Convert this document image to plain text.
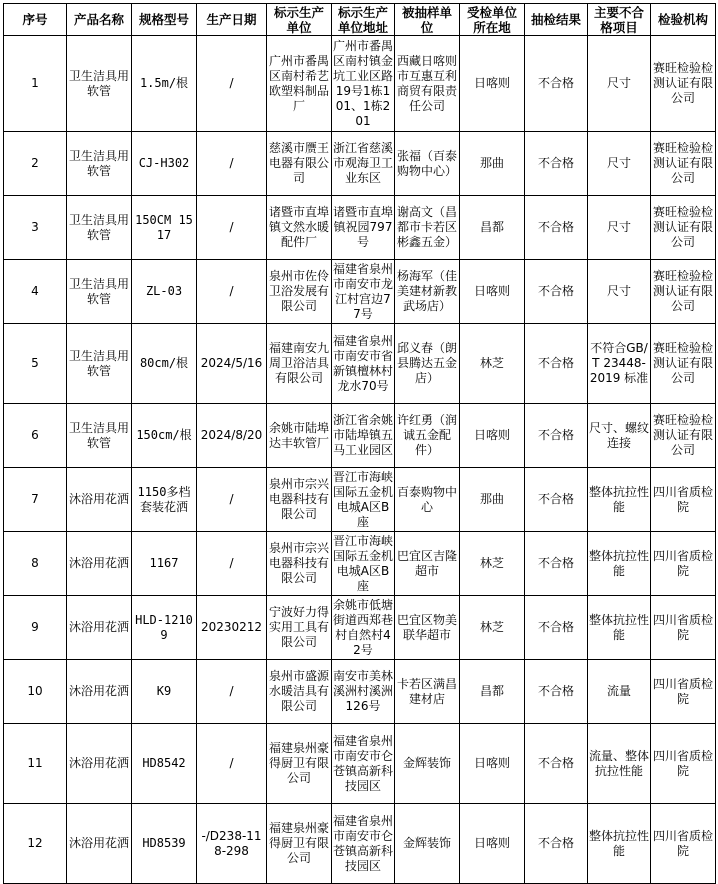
序号	产品名称	规格型号	生产日期	标示生产单位	标示生产单位地址	被抽样单位	受检单位所在地	抽检结果	主要不合格项目	检验机构
1	卫生洁具用软管	1.5m/根	/	广州市番禺区南村希艺欧塑料制品厂	广州市番禺区南村镇金坑工业区路19号1栋101、1栋201	西藏日喀则市互惠互利商贸有限责任公司	日喀则	不合格	尺寸	赛旺检验检测认证有限公司
2	卫生洁具用软管	CJ-H302	/	慈溪市赝王电器有限公司	浙江省慈溪市观海卫工业东区	张福（百泰购物中心）	那曲	不合格	尺寸	赛旺检验检测认证有限公司
3	卫生洁具用软管	150CM 1517	/	诸暨市直埠镇文然水暖配件厂	诸暨市直埠镇祝园797号	谢高文（昌都市卡若区彬鑫五金）	昌都	不合格	尺寸	赛旺检验检测认证有限公司
4	卫生洁具用软管	ZL-03	/	泉州市佐伶卫浴发展有限公司	福建省泉州市南安市龙江村宫边77号	杨海军（佳美建材新教武场店）	日喀则	不合格	尺寸	赛旺检验检测认证有限公司
5	卫生洁具用软管	80cm/根	2024/5/16	福建南安九周卫浴洁具有限公司	福建省泉州市南安市省新镇檀林村龙水70号	邱义春（朗县腾达五金店）	林芝	不合格	不符合GB/T 23448-2019 标准	赛旺检验检测认证有限公司
6	卫生洁具用软管	150cm/根	2024/8/20	余姚市陆埠达丰软管厂	浙江省余姚市陆埠镇五马工业园区	许红勇（润诚五金配件）	日喀则	不合格	尺寸、螺纹连接	赛旺检验检测认证有限公司
7	沐浴用花洒	1150多档套装花洒	/	泉州市宗兴电器科技有限公司	晋江市海峡国际五金机电城A区B座	百泰购物中心	那曲	不合格	整体抗拉性能	四川省质检院
8	沐浴用花洒	1167	/	泉州市宗兴电器科技有限公司	晋江市海峡国际五金机电城A区B座	巴宜区吉隆超市	林芝	不合格	整体抗拉性能	四川省质检院
9	沐浴用花洒	HLD-12109	20230212	宁波好力得实用工具有限公司	余姚市低塘街道西郑巷村自然村42号	巴宜区物美联华超市	林芝	不合格	整体抗拉性能	四川省质检院
10	沐浴用花洒	K9	/	泉州市盛源水暖洁具有限公司	南安市美林溪洲村溪洲126号	卡若区满昌建材店	昌都	不合格	流量	四川省质检院
11	沐浴用花洒	HD8542	/	福建泉州豪得厨卫有限公司	福建省泉州市南安市仑苍镇高新科技园区	金辉装饰	日喀则	不合格	流量、整体抗拉性能	四川省质检院
12	沐浴用花洒	HD8539	-/D238-118-298	福建泉州豪得厨卫有限公司	福建省泉州市南安市仑苍镇高新科技园区	金辉装饰	日喀则	不合格	整体抗拉性能	四川省质检院
